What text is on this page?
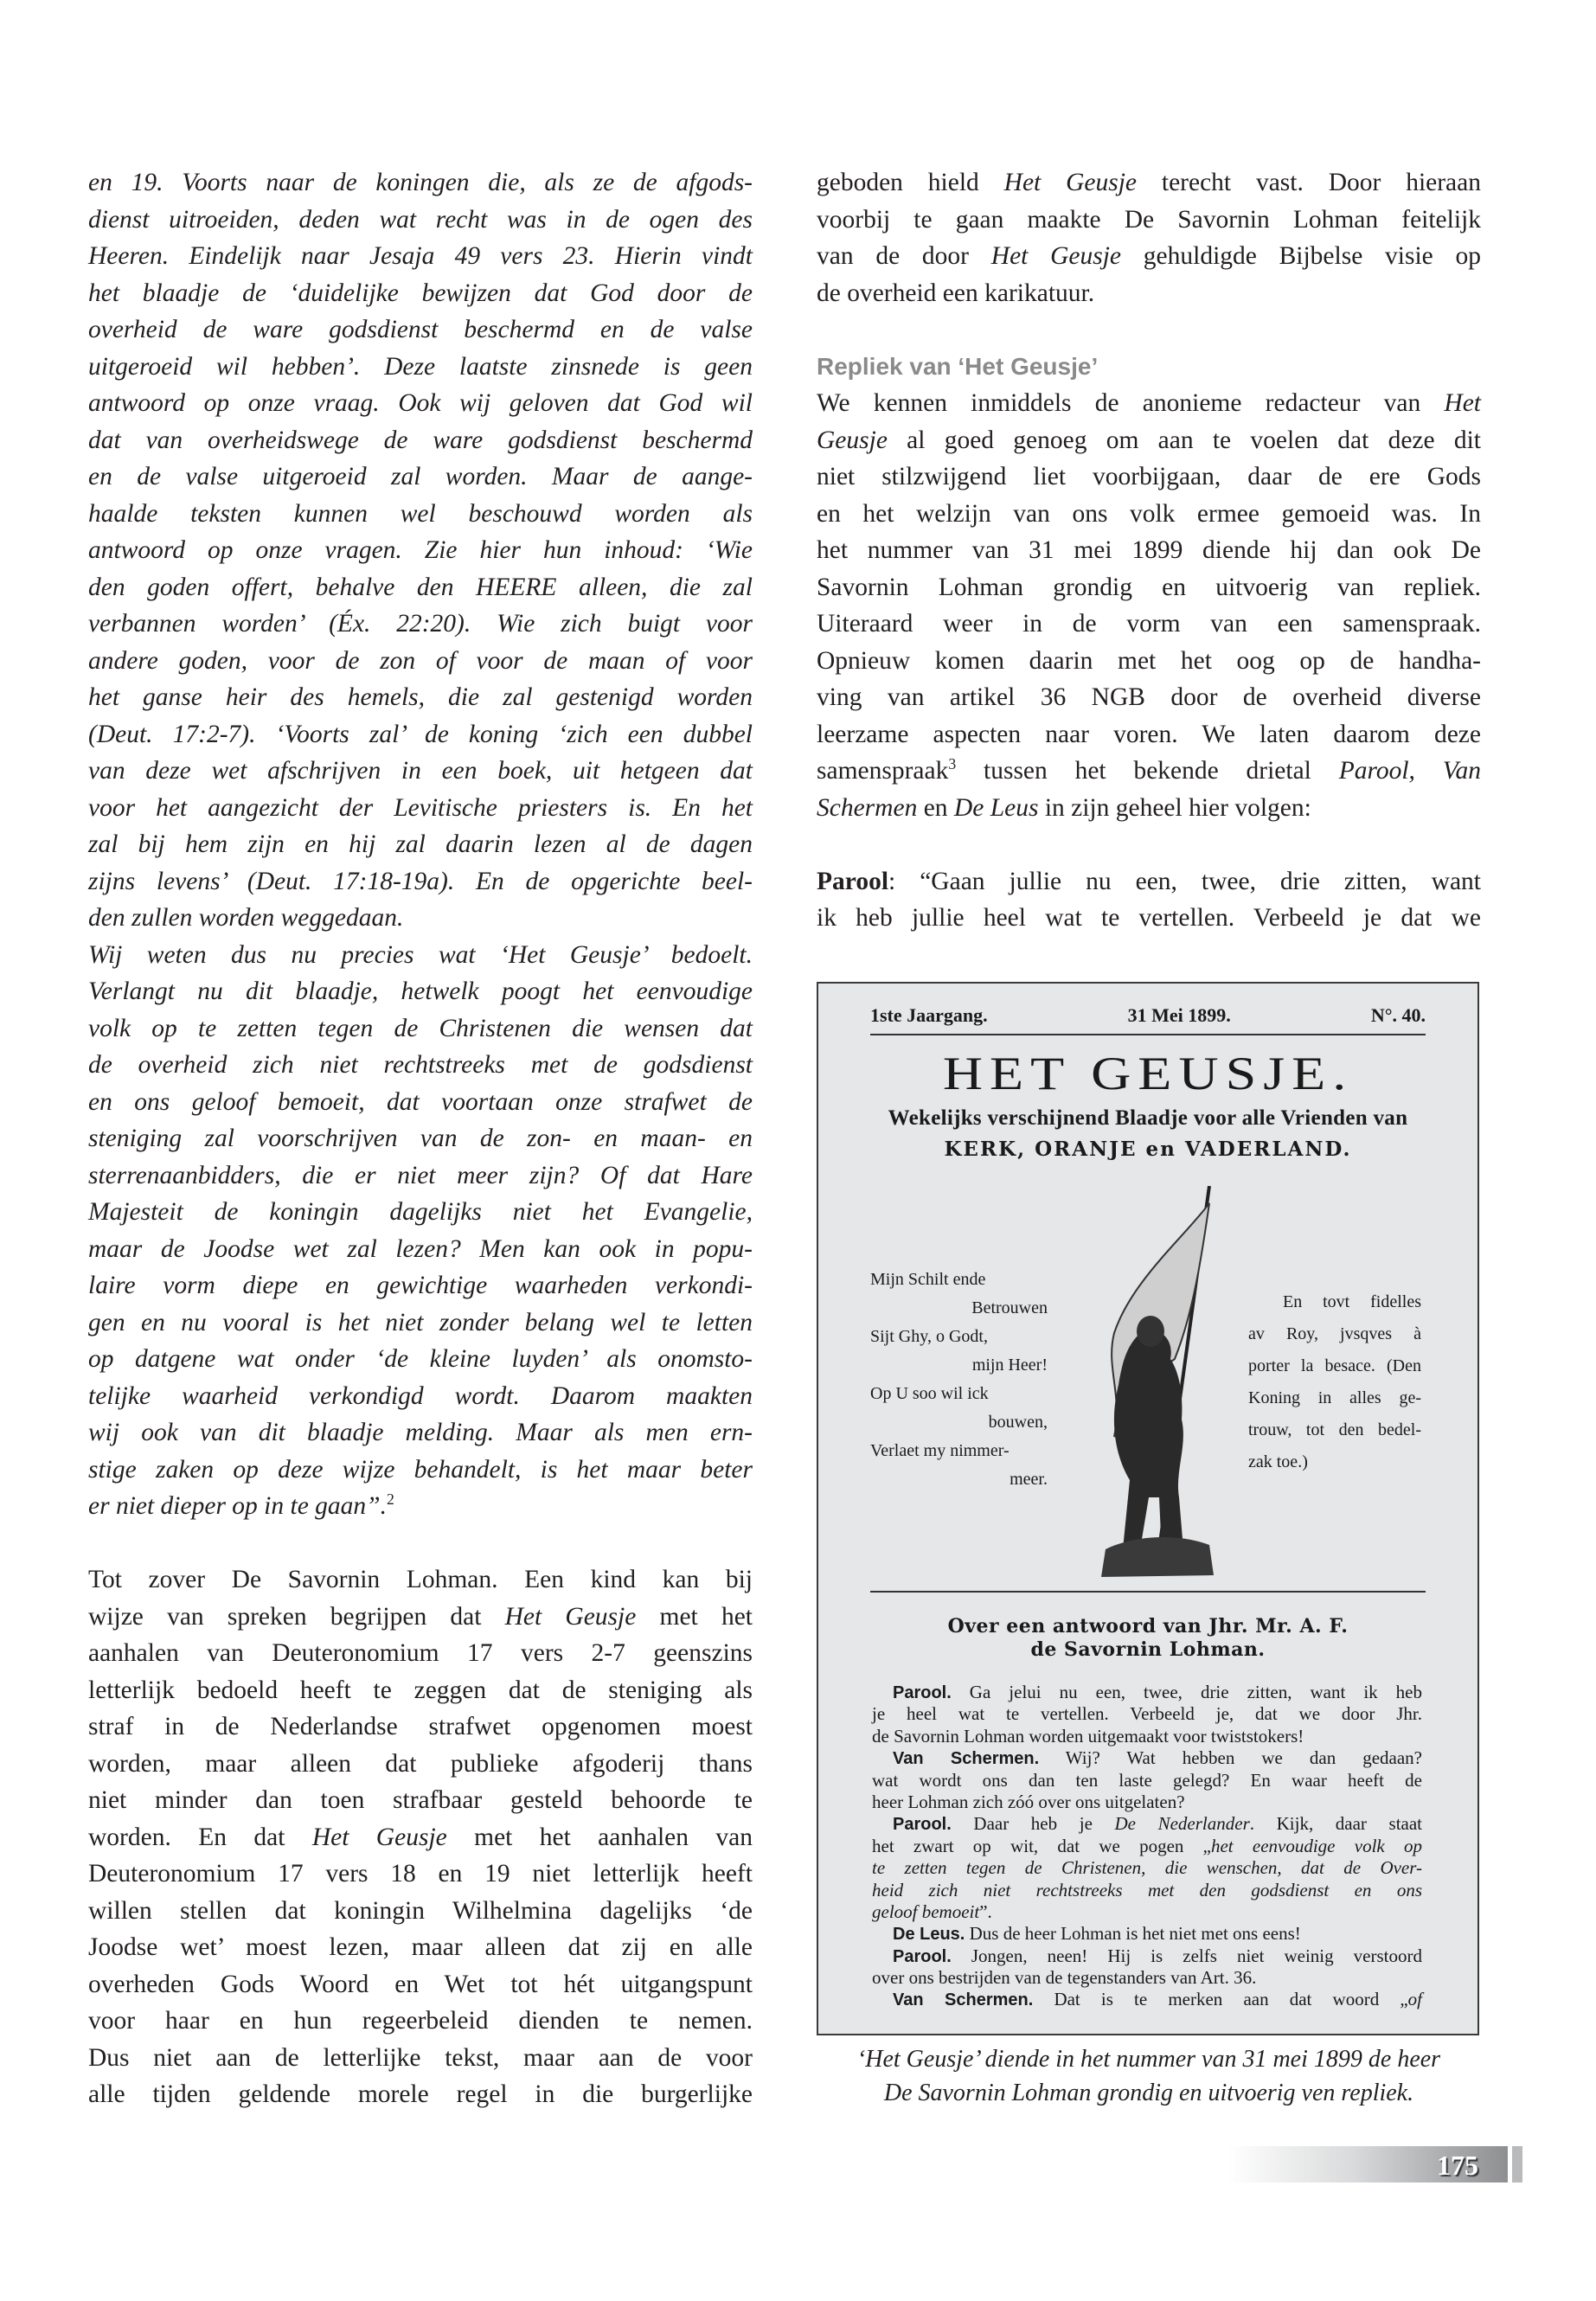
en 19. Voorts naar de koningen die, als ze de afgods-
dienst uitroeiden, deden wat recht was in de ogen des
Heeren. Eindelijk naar Jesaja 49 vers 23. Hierin vindt
het blaadje de ‘duidelijke bewijzen dat God door de
overheid de ware godsdienst beschermd en de valse
uitgeroeid wil hebben’. Deze laatste zinsnede is geen
antwoord op onze vraag. Ook wij geloven dat God wil
dat van overheidswege de ware godsdienst beschermd
en de valse uitgeroeid zal worden. Maar de aange-
haalde teksten kunnen wel beschouwd worden als
antwoord op onze vragen. Zie hier hun inhoud: ‘Wie
den goden offert, behalve den HEERE alleen, die zal
verbannen worden’ (Éx. 22:20). Wie zich buigt voor
andere goden, voor de zon of voor de maan of voor
het ganse heir des hemels, die zal gestenigd worden
(Deut. 17:2-7). ‘Voorts zal’ de koning ‘zich een dubbel
van deze wet afschrijven in een boek, uit hetgeen dat
voor het aangezicht der Levitische priesters is. En het
zal bij hem zijn en hij zal daarin lezen al de dagen
zijns levens’ (Deut. 17:18-19a). En de opgerichte beel-
den zullen worden weggedaan.
Wij weten dus nu precies wat ‘Het Geusje’ bedoelt.
Verlangt nu dit blaadje, hetwelk poogt het eenvoudige
volk op te zetten tegen de Christenen die wensen dat
de overheid zich niet rechtstreeks met de godsdienst
en ons geloof bemoeit, dat voortaan onze strafwet de
steniging zal voorschrijven van de zon- en maan- en
sterrenaanbidders, die er niet meer zijn? Of dat Hare
Majesteit de koningin dagelijks niet het Evangelie,
maar de Joodse wet zal lezen? Men kan ook in popu-
laire vorm diepe en gewichtige waarheden verkondi-
gen en nu vooral is het niet zonder belang wel te letten
op datgene wat onder ‘de kleine luyden’ als onomsto-
telijke waarheid verkondigd wordt. Daarom maakten
wij ook van dit blaadje melding. Maar als men ern-
stige zaken op deze wijze behandelt, is het maar beter
er niet dieper op in te gaan”.$^2$
Tot zover De Savornin Lohman. Een kind kan bij
wijze van spreken begrijpen dat Het Geusje met het
aanhalen van Deuteronomium 17 vers 2-7 geenszins
letterlijk bedoeld heeft te zeggen dat de steniging als
straf in de Nederlandse strafwet opgenomen moest
worden, maar alleen dat publieke afgoderij thans
niet minder dan toen strafbaar gesteld behoorde te
worden. En dat Het Geusje met het aanhalen van
Deuteronomium 17 vers 18 en 19 niet letterlijk heeft
willen stellen dat koningin Wilhelmina dagelijks ‘de
Joodse wet’ moest lezen, maar alleen dat zij en alle
overheden Gods Woord en Wet tot hét uitgangspunt
voor haar en hun regeerbeleid dienden te nemen.
Dus niet aan de letterlijke tekst, maar aan de voor
alle tijden geldende morele regel in die burgerlijke
geboden hield Het Geusje terecht vast. Door hieraan
voorbij te gaan maakte De Savornin Lohman feitelijk
van de door Het Geusje gehuldigde Bijbelse visie op
de overheid een karikatuur.
Repliek van ‘Het Geusje’
We kennen inmiddels de anonieme redacteur van Het
Geusje al goed genoeg om aan te voelen dat deze dit
niet stilzwijgend liet voorbijgaan, daar de ere Gods
en het welzijn van ons volk ermee gemoeid was. In
het nummer van 31 mei 1899 diende hij dan ook De
Savornin Lohman grondig en uitvoerig van repliek.
Uiteraard weer in de vorm van een samenspraak.
Opnieuw komen daarin met het oog op de handha-
ving van artikel 36 NGB door de overheid diverse
leerzame aspecten naar voren. We laten daarom deze
samenspraak$^3$ tussen het bekende drietal Parool, Van
Schermen en De Leus in zijn geheel hier volgen:
Parool: “Gaan jullie nu een, twee, drie zitten, want
ik heb jullie heel wat te vertellen. Verbeeld je dat we
1ste Jaargang.	31 Mei 1899.	N°. 40.
HET GEUSJE.
Wekelijks verschijnend Blaadje voor alle Vrienden van
KERK, ORANJE en VADERLAND.
Mijn Schilt ende
Betrouwen
Sijt Ghy, o Godt,
mijn Heer!
Op U soo wil ick
bouwen,
Verlaet my nimmer-
meer.
En tovt fidelles
av Roy, jvsqves à
porter la besace. (Den
Koning in alles ge-
trouw, tot den bedel-
zak toe.)
Over een antwoord van Jhr. Mr. A. F.
de Savornin Lohman.
Parool. Ga jelui nu een, twee, drie zitten, want ik heb
je heel wat te vertellen. Verbeeld je, dat we door Jhr.
de Savornin Lohman worden uitgemaakt voor twiststokers!
Van Schermen. Wij? Wat hebben we dan gedaan?
wat wordt ons dan ten laste gelegd? En waar heeft de
heer Lohman zich zóó over ons uitgelaten?
Parool. Daar heb je De Nederlander. Kijk, daar staat
het zwart op wit, dat we pogen „het eenvoudige volk op
te zetten tegen de Christenen, die wenschen, dat de Over-
heid zich niet rechtstreeks met den godsdienst en ons
geloof bemoeit”.
De Leus. Dus de heer Lohman is het niet met ons eens!
Parool. Jongen, neen! Hij is zelfs niet weinig verstoord
over ons bestrijden van de tegenstanders van Art. 36.
Van Schermen. Dat is te merken aan dat woord „of
‘Het Geusje’ diende in het nummer van 31 mei 1899 de heer
De Savornin Lohman grondig en uitvoerig ven repliek.
175
